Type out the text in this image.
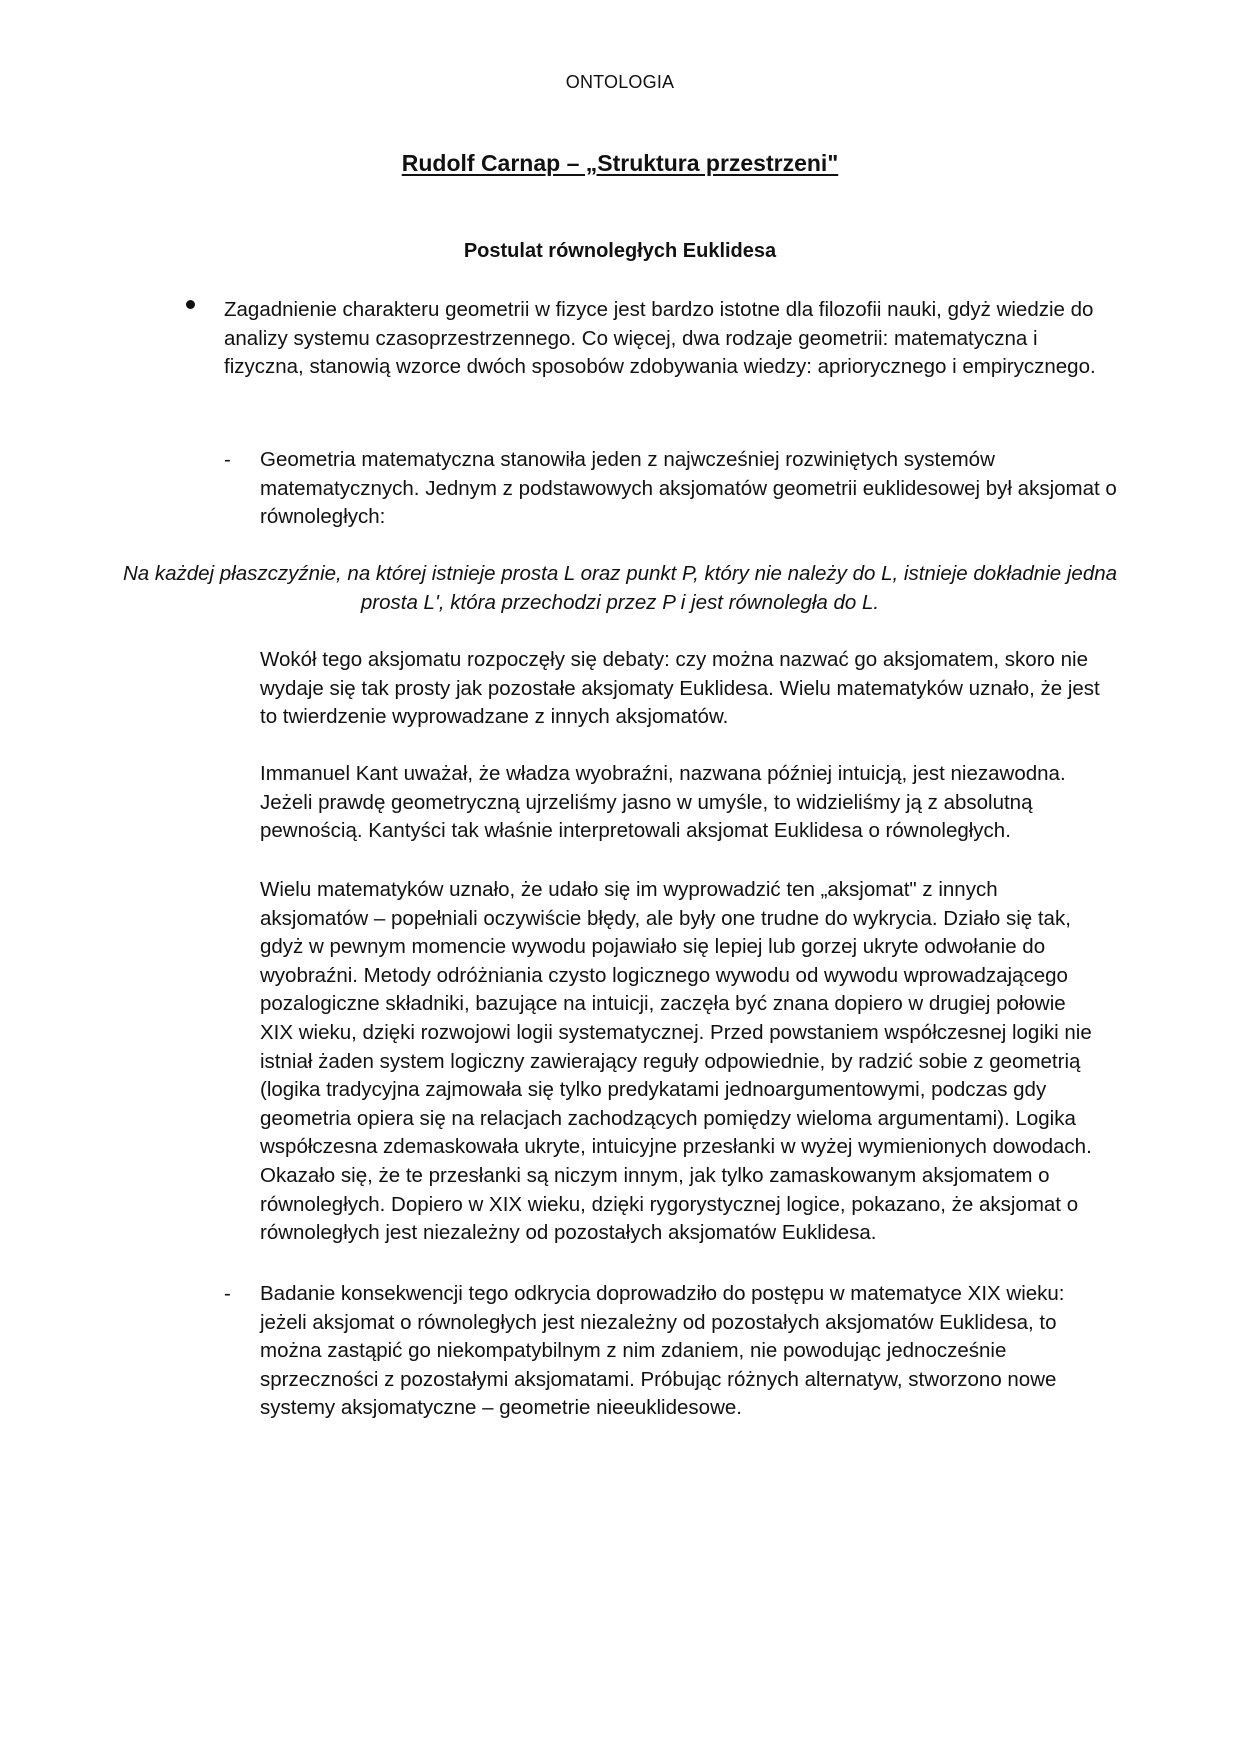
ONTOLOGIA
Rudolf Carnap – „Struktura przestrzeni"
Postulat równoległych Euklidesa
Zagadnienie charakteru geometrii w fizyce jest bardzo istotne dla filozofii nauki, gdyż wiedzie do analizy systemu czasoprzestrzennego. Co więcej, dwa rodzaje geometrii: matematyczna i fizyczna, stanowią wzorce dwóch sposobów zdobywania wiedzy: apriorycznego i empirycznego.
- Geometria matematyczna stanowiła jeden z najwcześniej rozwiniętych systemów matematycznych. Jednym z podstawowych aksjomatów geometrii euklidesowej był aksjomat o równoległych:
Na każdej płaszczyźnie, na której istnieje prosta L oraz punkt P, który nie należy do L, istnieje dokładnie jedna prosta L', która przechodzi przez P i jest równoległa do L.
Wokół tego aksjomatu rozpoczęły się debaty: czy można nazwać go aksjomatem, skoro nie wydaje się tak prosty jak pozostałe aksjomaty Euklidesa. Wielu matematyków uznało, że jest to twierdzenie wyprowadzane z innych aksjomatów.
Immanuel Kant uważał, że władza wyobraźni, nazwana później intuicją, jest niezawodna. Jeżeli prawdę geometryczną ujrzeliśmy jasno w umyśle, to widzieliśmy ją z absolutną pewnością. Kantyści tak właśnie interpretowali aksjomat Euklidesa o równoległych.
Wielu matematyków uznało, że udało się im wyprowadzić ten „aksjomat" z innych aksjomatów – popełniali oczywiście błędy, ale były one trudne do wykrycia. Działo się tak, gdyż w pewnym momencie wywodu pojawiało się lepiej lub gorzej ukryte odwołanie do wyobraźni. Metody odróżniania czysto logicznego wywodu od wywodu wprowadzającego pozalogiczne składniki, bazujące na intuicji, zaczęła być znana dopiero w drugiej połowie XIX wieku, dzięki rozwojowi logii systematycznej. Przed powstaniem współczesnej logiki nie istniał żaden system logiczny zawierający reguły odpowiednie, by radzić sobie z geometrią (logika tradycyjna zajmowała się tylko predykatami jednoargumentowymi, podczas gdy geometria opiera się na relacjach zachodzących pomiędzy wieloma argumentami). Logika współczesna zdemaskowała ukryte, intuicyjne przesłanki w wyżej wymienionych dowodach. Okazało się, że te przesłanki są niczym innym, jak tylko zamaskowanym aksjomatem o równoległych. Dopiero w XIX wieku, dzięki rygorystycznej logice, pokazano, że aksjomat o równoległych jest niezależny od pozostałych aksjomatów Euklidesa.
- Badanie konsekwencji tego odkrycia doprowadziło do postępu w matematyce XIX wieku: jeżeli aksjomat o równoległych jest niezależny od pozostałych aksjomatów Euklidesa, to można zastąpić go niekompatybilnym z nim zdaniem, nie powodując jednocześnie sprzeczności z pozostałymi aksjomatami. Próbując różnych alternatyw, stworzono nowe systemy aksjomatyczne – geometrie nieeuklidesowe.
